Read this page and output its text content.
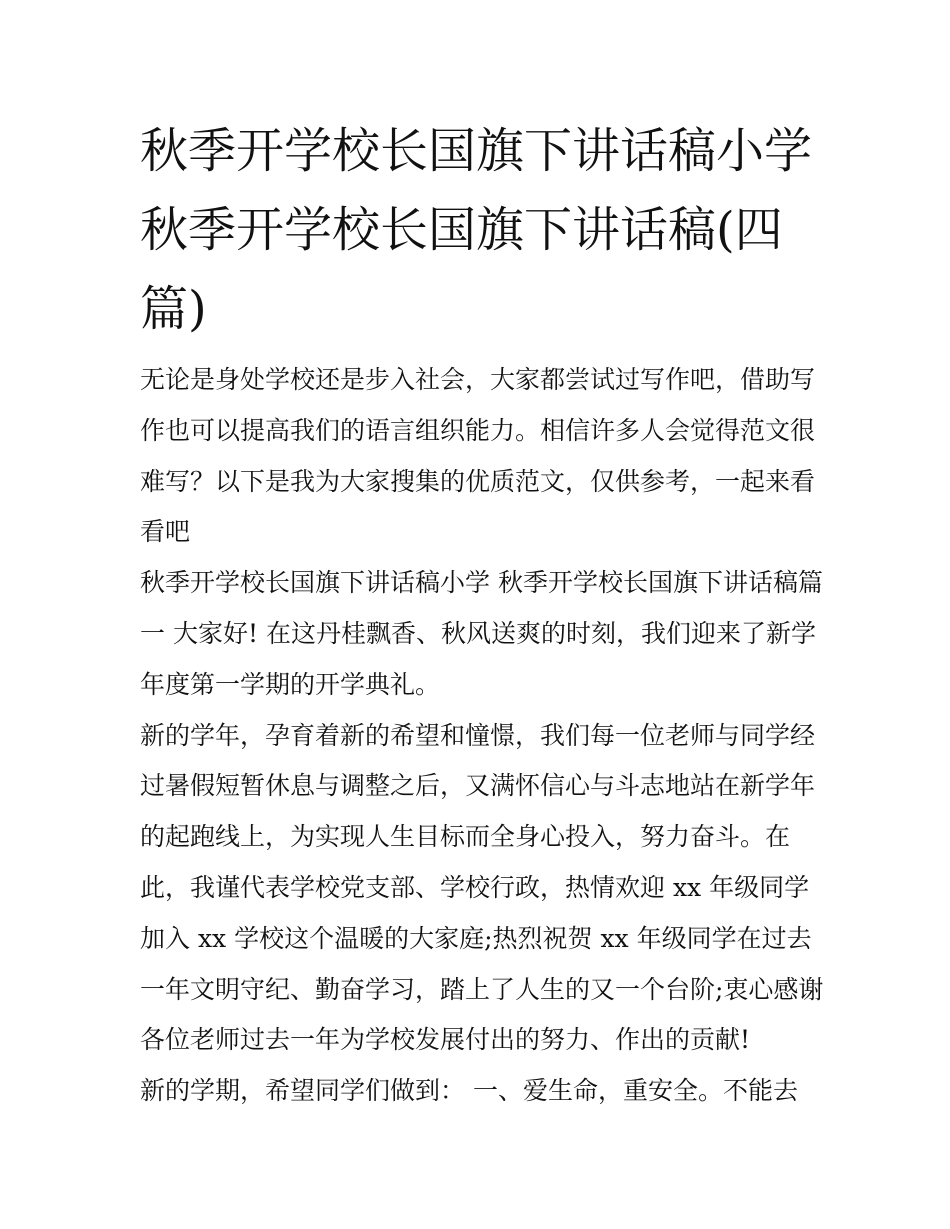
秋季开学校长国旗下讲话稿小学 秋季开学校长国旗下讲话稿(四篇)

无论是身处学校还是步入社会，大家都尝试过写作吧，借助写作也可以提高我们的语言组织能力。相信许多人会觉得范文很难写？以下是我为大家搜集的优质范文，仅供参考，一起来看看吧

秋季开学校长国旗下讲话稿小学 秋季开学校长国旗下讲话稿篇一 大家好! 在这丹桂飘香、秋风送爽的时刻，我们迎来了新学年度第一学期的开学典礼。

新的学年，孕育着新的希望和憧憬，我们每一位老师与同学经过暑假短暂休息与调整之后，又满怀信心与斗志地站在新学年的起跑线上，为实现人生目标而全身心投入，努力奋斗。在此，我谨代表学校党支部、学校行政，热情欢迎 xx 年级同学加入 xx 学校这个温暖的大家庭;热烈祝贺 xx 年级同学在过去一年文明守纪、勤奋学习，踏上了人生的又一个台阶;衷心感谢各位老师过去一年为学校发展付出的努力、作出的贡献!

新的学期，希望同学们做到： 一、爱生命，重安全。不能去
